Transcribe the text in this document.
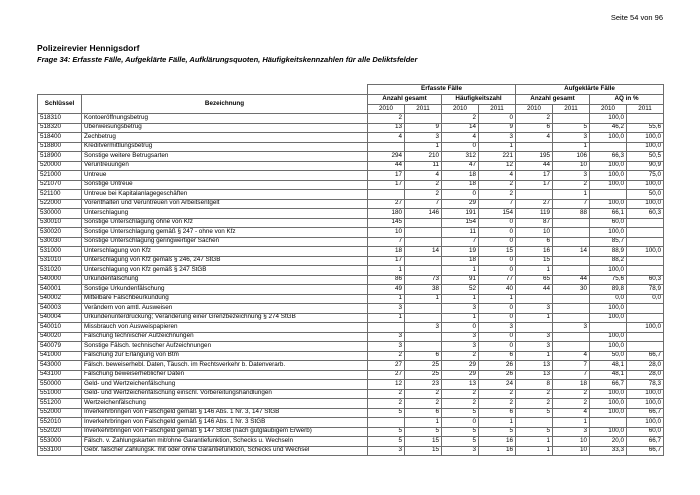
Seite 54 von 96
Polizeirevier Hennigsdorf
Frage 34: Erfasste Fälle, Aufgeklärte Fälle, Aufklärungsquoten, Häufigkeitskennzahlen für alle Deliktsfelder
		Erfasste Fälle				Aufgeklärte Fälle			
Schlüssel	Bezeichnung	Anzahl gesamt		Häufigkeitszahl		Anzahl gesamt		AQ in %	
		2010	2011	2010	2011	2010	2011	2010	2011
518310	Kontoeröffnungsbetrug	2		2	0	2		100,0	
518320	Überweisungsbetrug	13	9	14	9	6	5	46,2	55,6
518400	Zechbetrug	4	3	4	3	4	3	100,0	100,0
518800	Kreditvermittlungsbetrug		1	0	1		1		100,0
518900	Sonstige weitere Betrugsarten	294	210	312	221	195	106	66,3	50,5
520000	Veruntreuungen	44	11	47	12	44	10	100,0	90,9
521000	Untreue	17	4	18	4	17	3	100,0	75,0
521070	Sonstige Untreue	17	2	18	2	17	2	100,0	100,0
521100	Untreue bei Kapitalanlagegeschäften		2	0	2		1		50,0
522000	Vorenthalten und Veruntreuen von Arbeitsentgelt	27	7	29	7	27	7	100,0	100,0
530000	Unterschlagung	180	146	191	154	119	88	66,1	60,3
530010	Sonstige Unterschlagung ohne von Kfz	145		154	0	87		60,0	
530020	Sonstige Unterschlagung gemäß § 247 - ohne von Kfz	10		11	0	10		100,0	
530030	Sonstige Unterschlagung geringwertiger Sachen	7		7	0	6		85,7	
531000	Unterschlagung von Kfz	18	14	19	15	16	14	88,9	100,0
531010	Unterschlagung von Kfz gemäß § 246, 247 StGB	17		18	0	15		88,2	
531020	Unterschlagung von Kfz gemäß § 247 StGB	1		1	0	1		100,0	
540000	Urkundenfälschung	86	73	91	77	65	44	75,6	60,3
540001	Sonstige Urkundenfälschung	49	38	52	40	44	30	89,8	78,9
540002	Mittelbare Falschbeurkundung	1	1	1	1			0,0	0,0
540003	Verändern von amtl. Ausweisen	3		3	0	3		100,0	
540004	Urkundenunterdrückung; Veränderung einer Grenzbezeichnung § 274 StGB	1		1	0	1		100,0	
540010	Missbrauch von Ausweispapieren		3	0	3		3		100,0
540020	Fälschung technischer Aufzeichnungen	3		3	0	3		100,0	
540079	Sonstige Fälsch. technischer Aufzeichnungen	3		3	0	3		100,0	
541000	Fälschung zur Erlangung von Btm	2	6	2	6	1	4	50,0	66,7
543000	Fälsch. beweiserhebl. Daten, Täusch. im Rechtsverkehr b. Datenverarb.	27	25	29	26	13	7	48,1	28,0
543100	Fälschung beweiserheblicher Daten	27	25	29	26	13	7	48,1	28,0
550000	Geld- und Wertzeichenfälschung	12	23	13	24	8	18	66,7	78,3
551000	Geld- und Wertzeichenfälschung einschl. Vorbereitungshandlungen	2	2	2	2	2	2	100,0	100,0
551200	Wertzeichenfälschung	2	2	2	2	2	2	100,0	100,0
552000	Inverkehrbringen von Falschgeld gemäß § 146 Abs. 1 Nr. 3, 147 StGB	5	6	5	6	5	4	100,0	66,7
552010	Inverkehrbringen von Falschgeld gemäß § 146 Abs. 1 Nr. 3 StGB		1	0	1		1		100,0
552020	Inverkehrbringen von Falschgeld gemäß § 147 StGB (nach gutgläubigem Erwerb)	5	5	5	5	5	3	100,0	60,0
553000	Fälsch. v. Zahlungskarten mit/ohne Garantiefunktion, Schecks u. Wechseln	5	15	5	16	1	10	20,0	66,7
553100	Gebr. falscher Zahlungsk. mit oder ohne Garantiefunktion, Schecks und Wechsel	3	15	3	16	1	10	33,3	66,7
